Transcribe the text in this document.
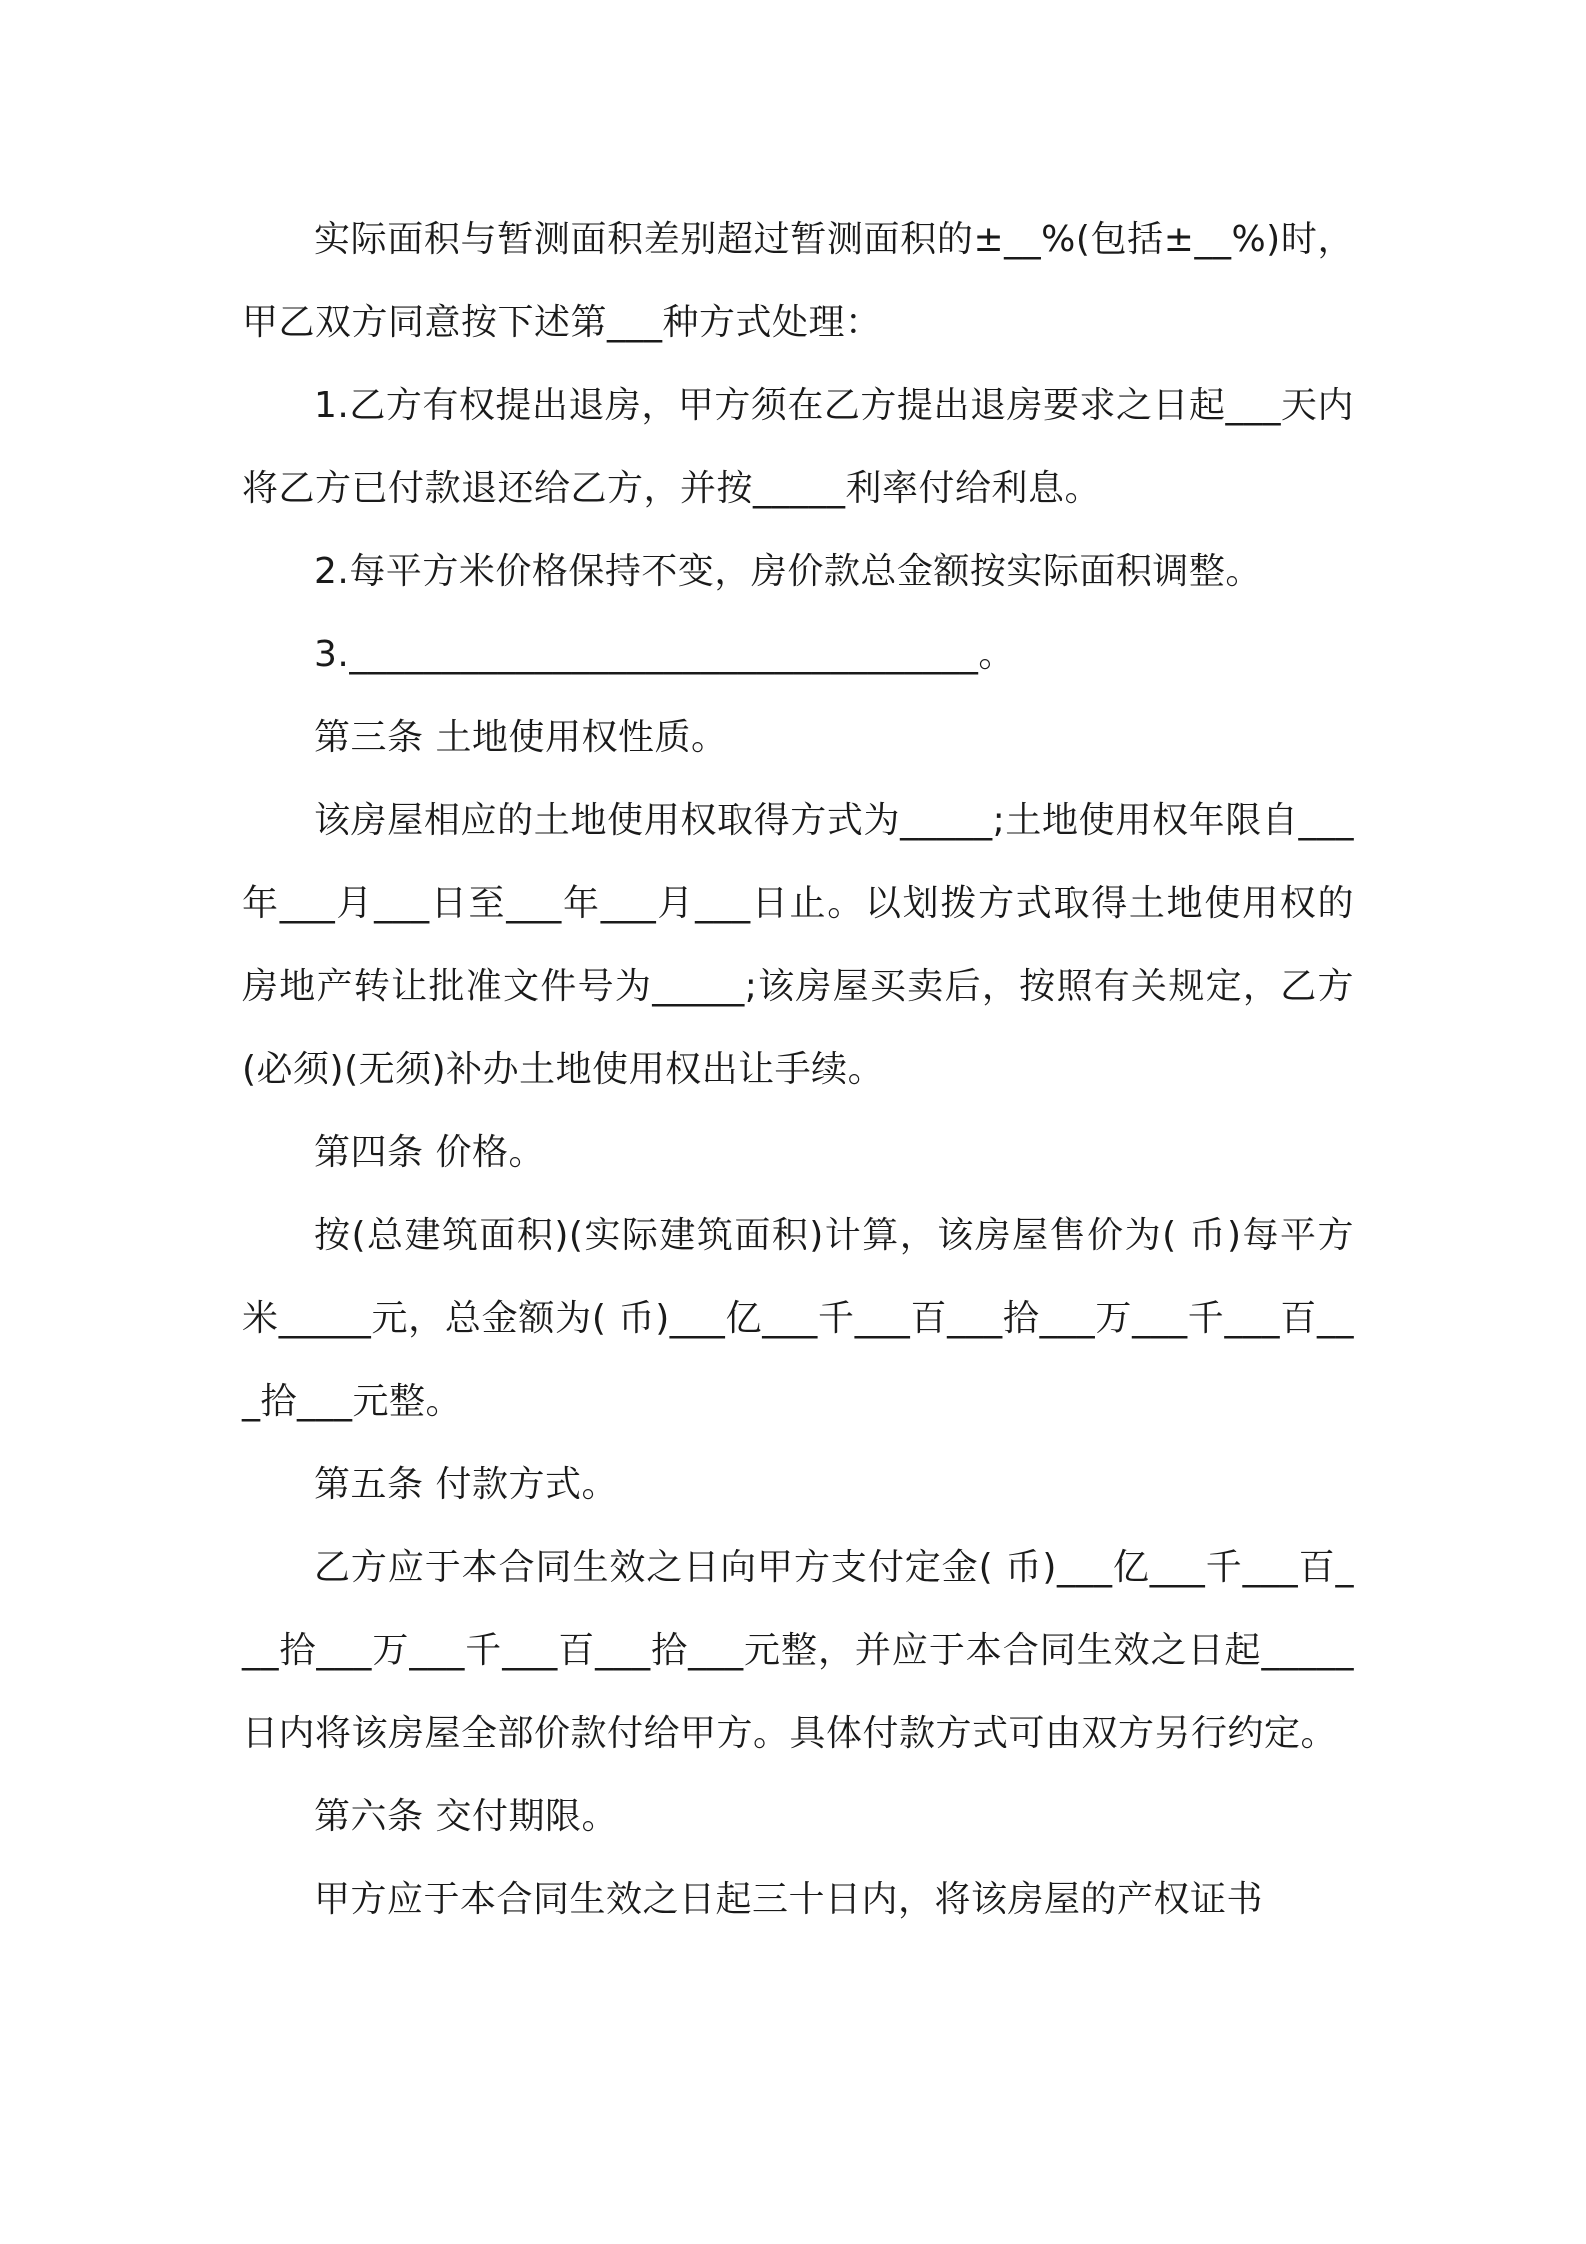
实际面积与暂测面积差别超过暂测面积的±__%(包括±__%)时，甲乙双方同意按下述第___种方式处理：

1.乙方有权提出退房，甲方须在乙方提出退房要求之日起___天内将乙方已付款退还给乙方，并按_____利率付给利息。

2.每平方米价格保持不变，房价款总金额按实际面积调整。

3.__________________________________。

第三条 土地使用权性质。

该房屋相应的土地使用权取得方式为_____;土地使用权年限自___年___月___日至___年___月___日止。以划拨方式取得土地使用权的房地产转让批准文件号为_____;该房屋买卖后，按照有关规定，乙方(必须)(无须)补办土地使用权出让手续。

第四条 价格。

按(总建筑面积)(实际建筑面积)计算，该房屋售价为( 币)每平方米_____元，总金额为( 币)___亿___千___百___拾___万___千___百___拾___元整。

第五条 付款方式。

乙方应于本合同生效之日向甲方支付定金( 币)___亿___千___百___拾___万___千___百___拾___元整，并应于本合同生效之日起_____日内将该房屋全部价款付给甲方。具体付款方式可由双方另行约定。

第六条 交付期限。

甲方应于本合同生效之日起三十日内，将该房屋的产权证书
